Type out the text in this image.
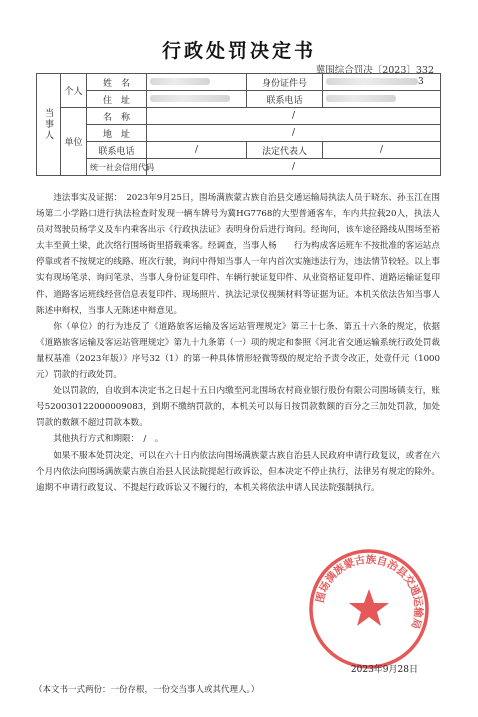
行政处罚决定书
冀围综合罚决〔2023〕332
当事人	个人	姓　名		身份证件号	3
		住　址		联系电话	
	单位	名　称	/		
		地　址	/		
		联系电话	/	法定代表人	/
		统一社会信用代码	/		

违法事实及证据：　2023年9月25日，围场满族蒙古族自治县交通运输局执法人员于晓东、孙玉江在围场第二小学路口进行执法检查时发现一辆车牌号为冀HG7768的大型普通客车，车内共拉载20人，执法人员对驾驶员杨学义及车内乘客出示《行政执法证》表明身份后进行询问。经询问，该车途径路线从围场至裕太丰至黄土梁，此次络行围场街里搭载乘客。经调查，当事人杨　　行为构成客运班车不按批准的客运站点停靠或者不按规定的线路、班次行驶，询问中得知当事人一年内首次实施违法行为，违法情节较轻。以上事实有现场笔录、询问笔录、当事人身份证复印件、车辆行驶证复印件、从业资格证复印件、道路运输证复印件、道路客运班线经营信息表复印件、现场照片、执法记录仪视频材料等证据为证。本机关依法告知当事人陈述申辩权，当事人无陈述申辩意见。

你（单位）的行为违反了《道路旅客运输及客运站管理规定》第三十七条、第五十六条的规定，依据《道路旅客运输及客运站管理规定》第九十九条第（一）项的规定和参照《河北省交通运输系统行政处罚裁量权基准（2023年版）》序号32（1）的第一种具体情形轻微等级的规定给予责令改正，处壹仟元（1000元）罚款的行政处罚。

处以罚款的，自收到本决定书之日起十五日内缴至河北围场农村商业银行股份有限公司围场镇支行，账号520030122000009083，到期不缴纳罚款的，本机关可以每日按罚款数额的百分之三加处罚款，加处罚款的数额不超过罚款本数。

其他执行方式和期限：　/　。

如果不服本处罚决定，可以在六十日内依法向围场满族蒙古族自治县人民政府申请行政复议，或者在六个月内依法向围场满族蒙古族自治县人民法院提起行政诉讼，但本决定不停止执行，法律另有规定的除外。逾期不申请行政复议、不提起行政诉讼又不履行的，本机关将依法申请人民法院强制执行。

围场满族蒙古族自治县交通运输局
2023年9月28日
（本文书一式两份：一份存根，一份交当事人或其代理人。）
